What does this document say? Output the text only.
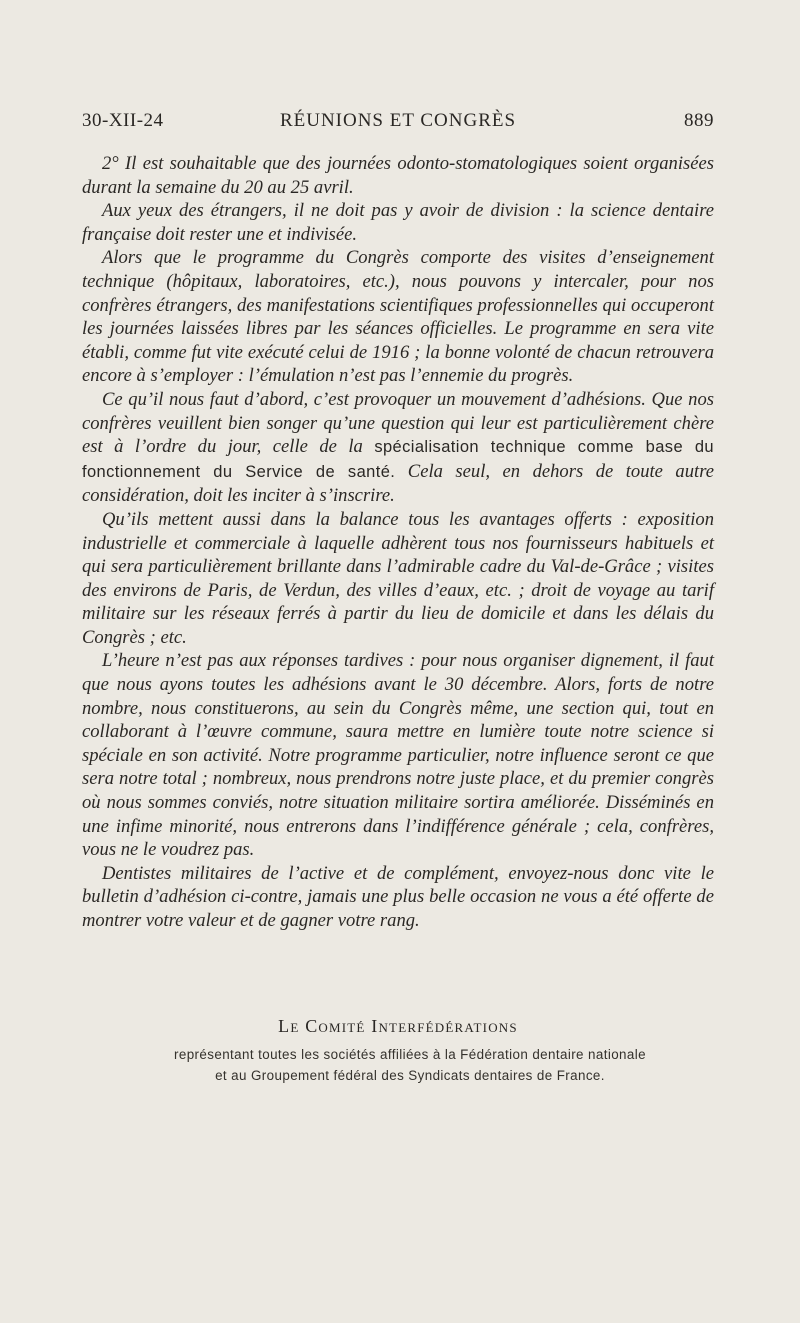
30-XII-24	RÉUNIONS ET CONGRÈS	889

2° Il est souhaitable que des journées odonto-stomatologiques soient organisées durant la semaine du 20 au 25 avril.

Aux yeux des étrangers, il ne doit pas y avoir de division : la science dentaire française doit rester une et indivisée.

Alors que le programme du Congrès comporte des visites d’enseignement technique (hôpitaux, laboratoires, etc.), nous pouvons y intercaler, pour nos confrères étrangers, des manifestations scientifiques professionnelles qui occuperont les journées laissées libres par les séances officielles. Le programme en sera vite établi, comme fut vite exécuté celui de 1916 ; la bonne volonté de chacun retrouvera encore à s’employer : l’émulation n’est pas l’ennemie du progrès.

Ce qu’il nous faut d’abord, c’est provoquer un mouvement d’adhésions. Que nos confrères veuillent bien songer qu’une question qui leur est particulièrement chère est à l’ordre du jour, celle de la spécialisation technique comme base du fonctionnement du Service de santé. Cela seul, en dehors de toute autre considération, doit les inciter à s’inscrire.

Qu’ils mettent aussi dans la balance tous les avantages offerts : exposition industrielle et commerciale à laquelle adhèrent tous nos fournisseurs habituels et qui sera particulièrement brillante dans l’admirable cadre du Val-de-Grâce ; visites des environs de Paris, de Verdun, des villes d’eaux, etc. ; droit de voyage au tarif militaire sur les réseaux ferrés à partir du lieu de domicile et dans les délais du Congrès ; etc.

L’heure n’est pas aux réponses tardives : pour nous organiser dignement, il faut que nous ayons toutes les adhésions avant le 30 décembre. Alors, forts de notre nombre, nous constituerons, au sein du Congrès même, une section qui, tout en collaborant à l’œuvre commune, saura mettre en lumière toute notre science si spéciale en son activité. Notre programme particulier, notre influence seront ce que sera notre total ; nombreux, nous prendrons notre juste place, et du premier congrès où nous sommes conviés, notre situation militaire sortira améliorée. Disséminés en une infime minorité, nous entrerons dans l’indifférence générale ; cela, confrères, vous ne le voudrez pas.

Dentistes militaires de l’active et de complément, envoyez-nous donc vite le bulletin d’adhésion ci-contre, jamais une plus belle occasion ne vous a été offerte de montrer votre valeur et de gagner votre rang.

Le Comité Interfédérations
représentant toutes les sociétés affiliées à la Fédération dentaire nationale
et au Groupement fédéral des Syndicats dentaires de France.
